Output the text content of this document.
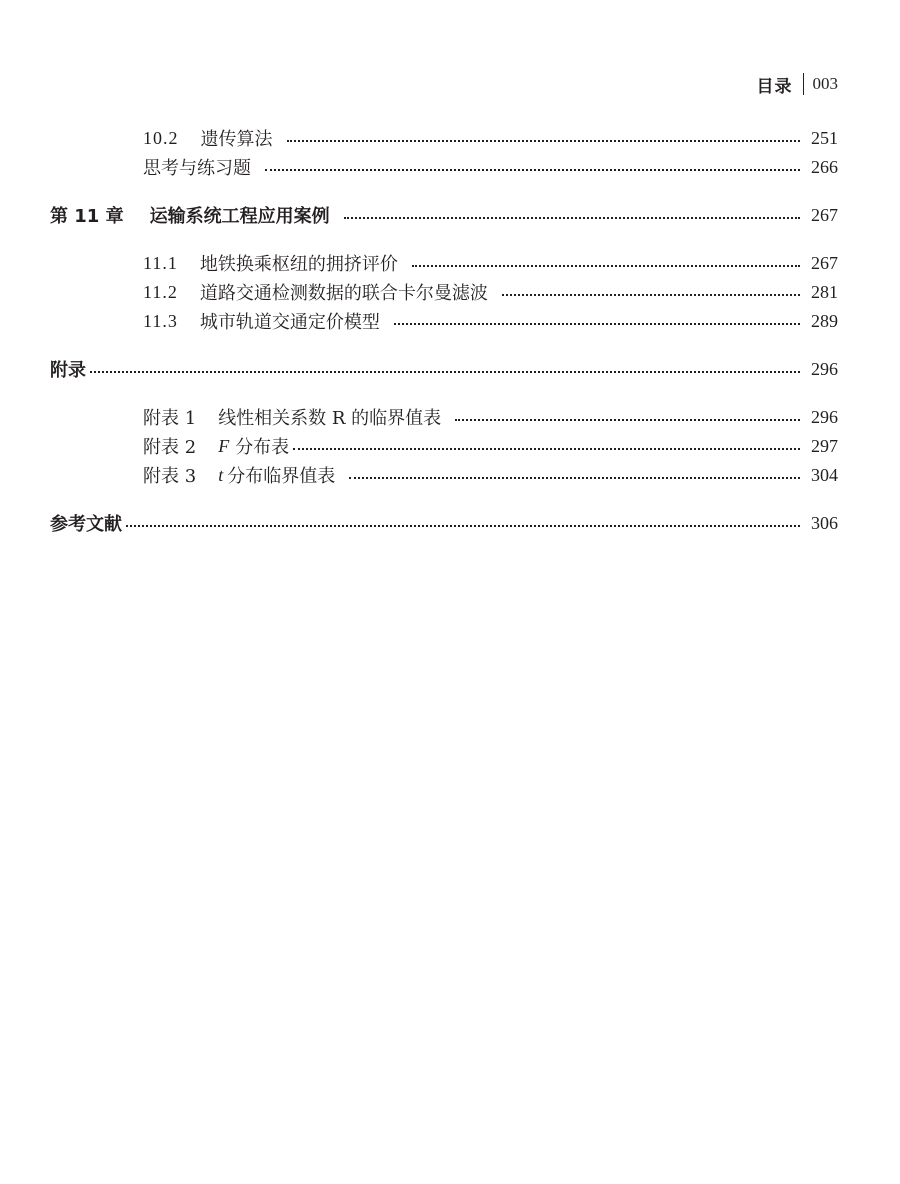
目录 003
10.2 遗传算法	251
思考与练习题	266
第 11 章 运输系统工程应用案例	267
11.1 地铁换乘枢纽的拥挤评价	267
11.2 道路交通检测数据的联合卡尔曼滤波	281
11.3 城市轨道交通定价模型	289
附录	296
附表 1 线性相关系数 R 的临界值表	296
附表 2 F 分布表	297
附表 3 t 分布临界值表	304
参考文献	306
